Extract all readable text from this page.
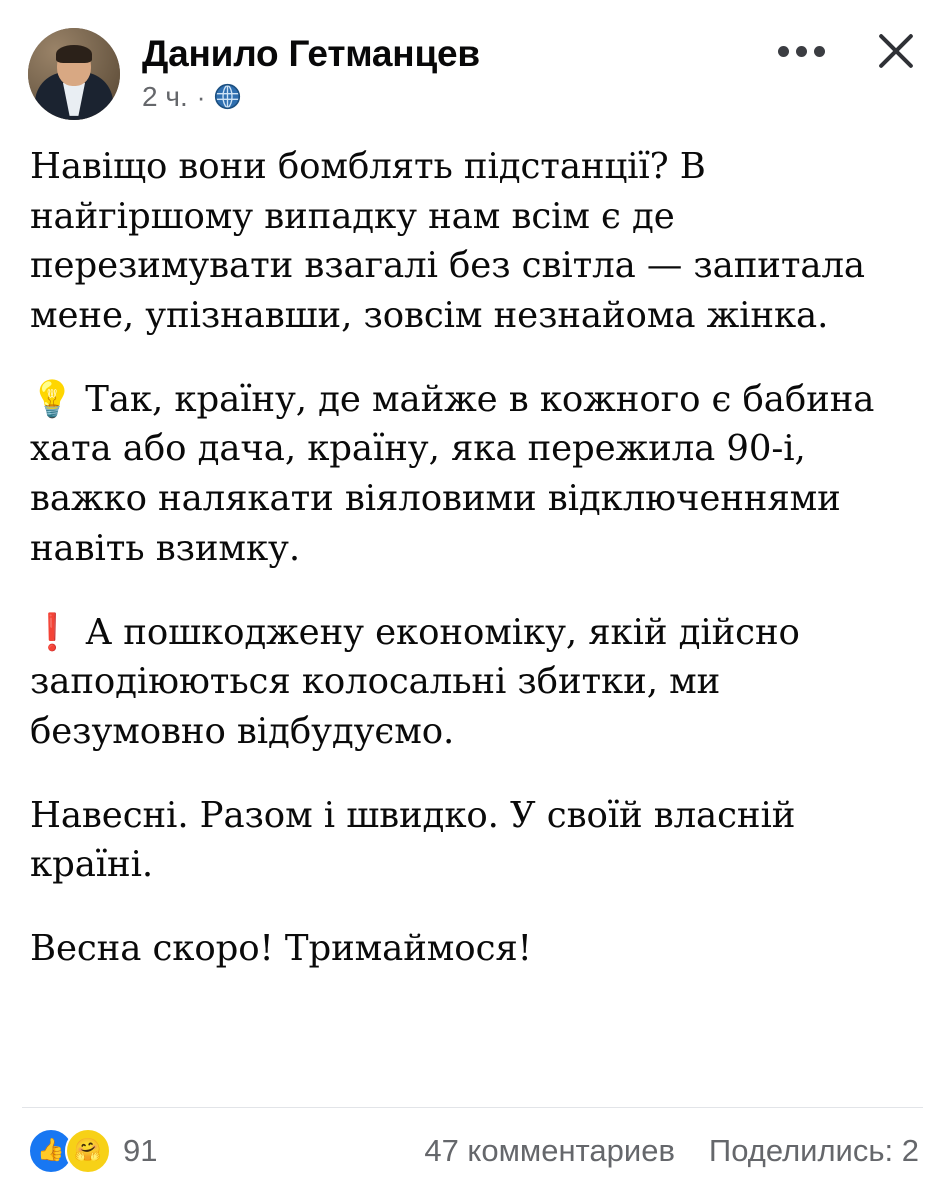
Данило Гетманцев
2 ч. ·

Навіщо вони бомблять підстанції? В найгіршому випадку нам всім є де перезимувати взагалі без світла — запитала мене, упізнавши, зовсім незнайома жінка.

💡 Так, країну, де майже в кожного є бабина хата або дача, країну, яка пережила 90-і, важко налякати віяловими відключеннями навіть взимку.

❗ А пошкоджену економіку, якій дійсно заподіюються колосальні збитки, ми безумовно відбудуємо.

Навесні. Разом і швидко. У своїй власній країні.

Весна скоро! Тримаймося!

👍 🤗 91	47 комментариев Поделились: 2
